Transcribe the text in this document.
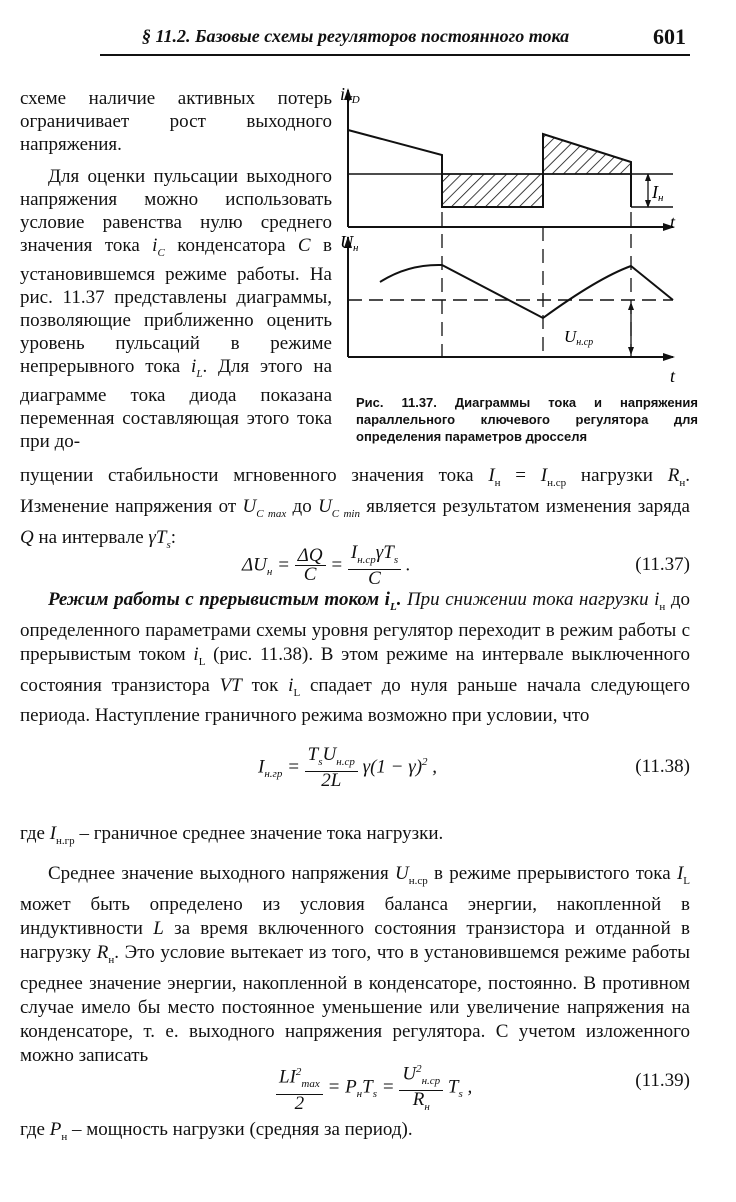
§ 11.2. Базовые схемы регуляторов постоянного тока	601

схеме наличие активных потерь ограничивает рост выходного напряжения.

Для оценки пульсации выходного напряжения можно использовать условие равенства нулю среднего значения тока $i_C$ конденсатора C в установившемся режиме работы. На рис. 11.37 представлены диаграммы, позволяющие приближенно оценить уровень пульсаций в режиме непрерывного тока $i_L$. Для этого на диаграмме тока диода показана переменная составляющая этого тока при до-

iVD
Iн
t
Uн
Uн.ср
t
Рис. 11.37. Диаграммы тока и напряжения параллельного ключевого регулятора для определения параметров дросселя

пущении стабильности мгновенного значения тока $I_н = I_{н.ср}$ нагрузки $R_н$. Изменение напряжения от $U_{C max}$ до $U_{C min}$ является результатом изменения заряда Q на интервале $\gamma T_s$:

$\Delta U_н = \frac{\Delta Q}{C} = \frac{I_{н.ср}\gamma T_s}{C}$ .	(11.37)

Режим работы с прерывистым током $i_L$. При снижении тока нагрузки $i_н$ до определенного параметрами схемы уровня регулятор переходит в режим работы с прерывистым током $i_L$ (рис. 11.38). В этом режиме на интервале выключенного состояния транзистора VT ток $i_L$ спадает до нуля раньше начала следующего периода. Наступление граничного режима возможно при условии, что

$I_{н.гр} = \frac{T_sU_{н.ср}}{2L} \gamma(1 - \gamma)^2$ ,	(11.38)

где $I_{н.гр}$ – граничное среднее значение тока нагрузки.

Среднее значение выходного напряжения $U_{н.ср}$ в режиме прерывистого тока $I_L$ может быть определено из условия баланса энергии, накопленной в индуктивности L за время включенного состояния транзистора и отданной в нагрузку $R_н$. Это условие вытекает из того, что в установившемся режиме работы среднее значение энергии, накопленной в конденсаторе, постоянно. В противном случае имело бы место постоянное уменьшение или увеличение напряжения на конденсаторе, т. е. выходного напряжения регулятора. С учетом изложенного можно записать

$\frac{LI^2_{max}}{2} = P_нT_s = \frac{U^2_{н.ср}}{R_н} T_s$ ,	(11.39)

где $P_н$ – мощность нагрузки (средняя за период).
